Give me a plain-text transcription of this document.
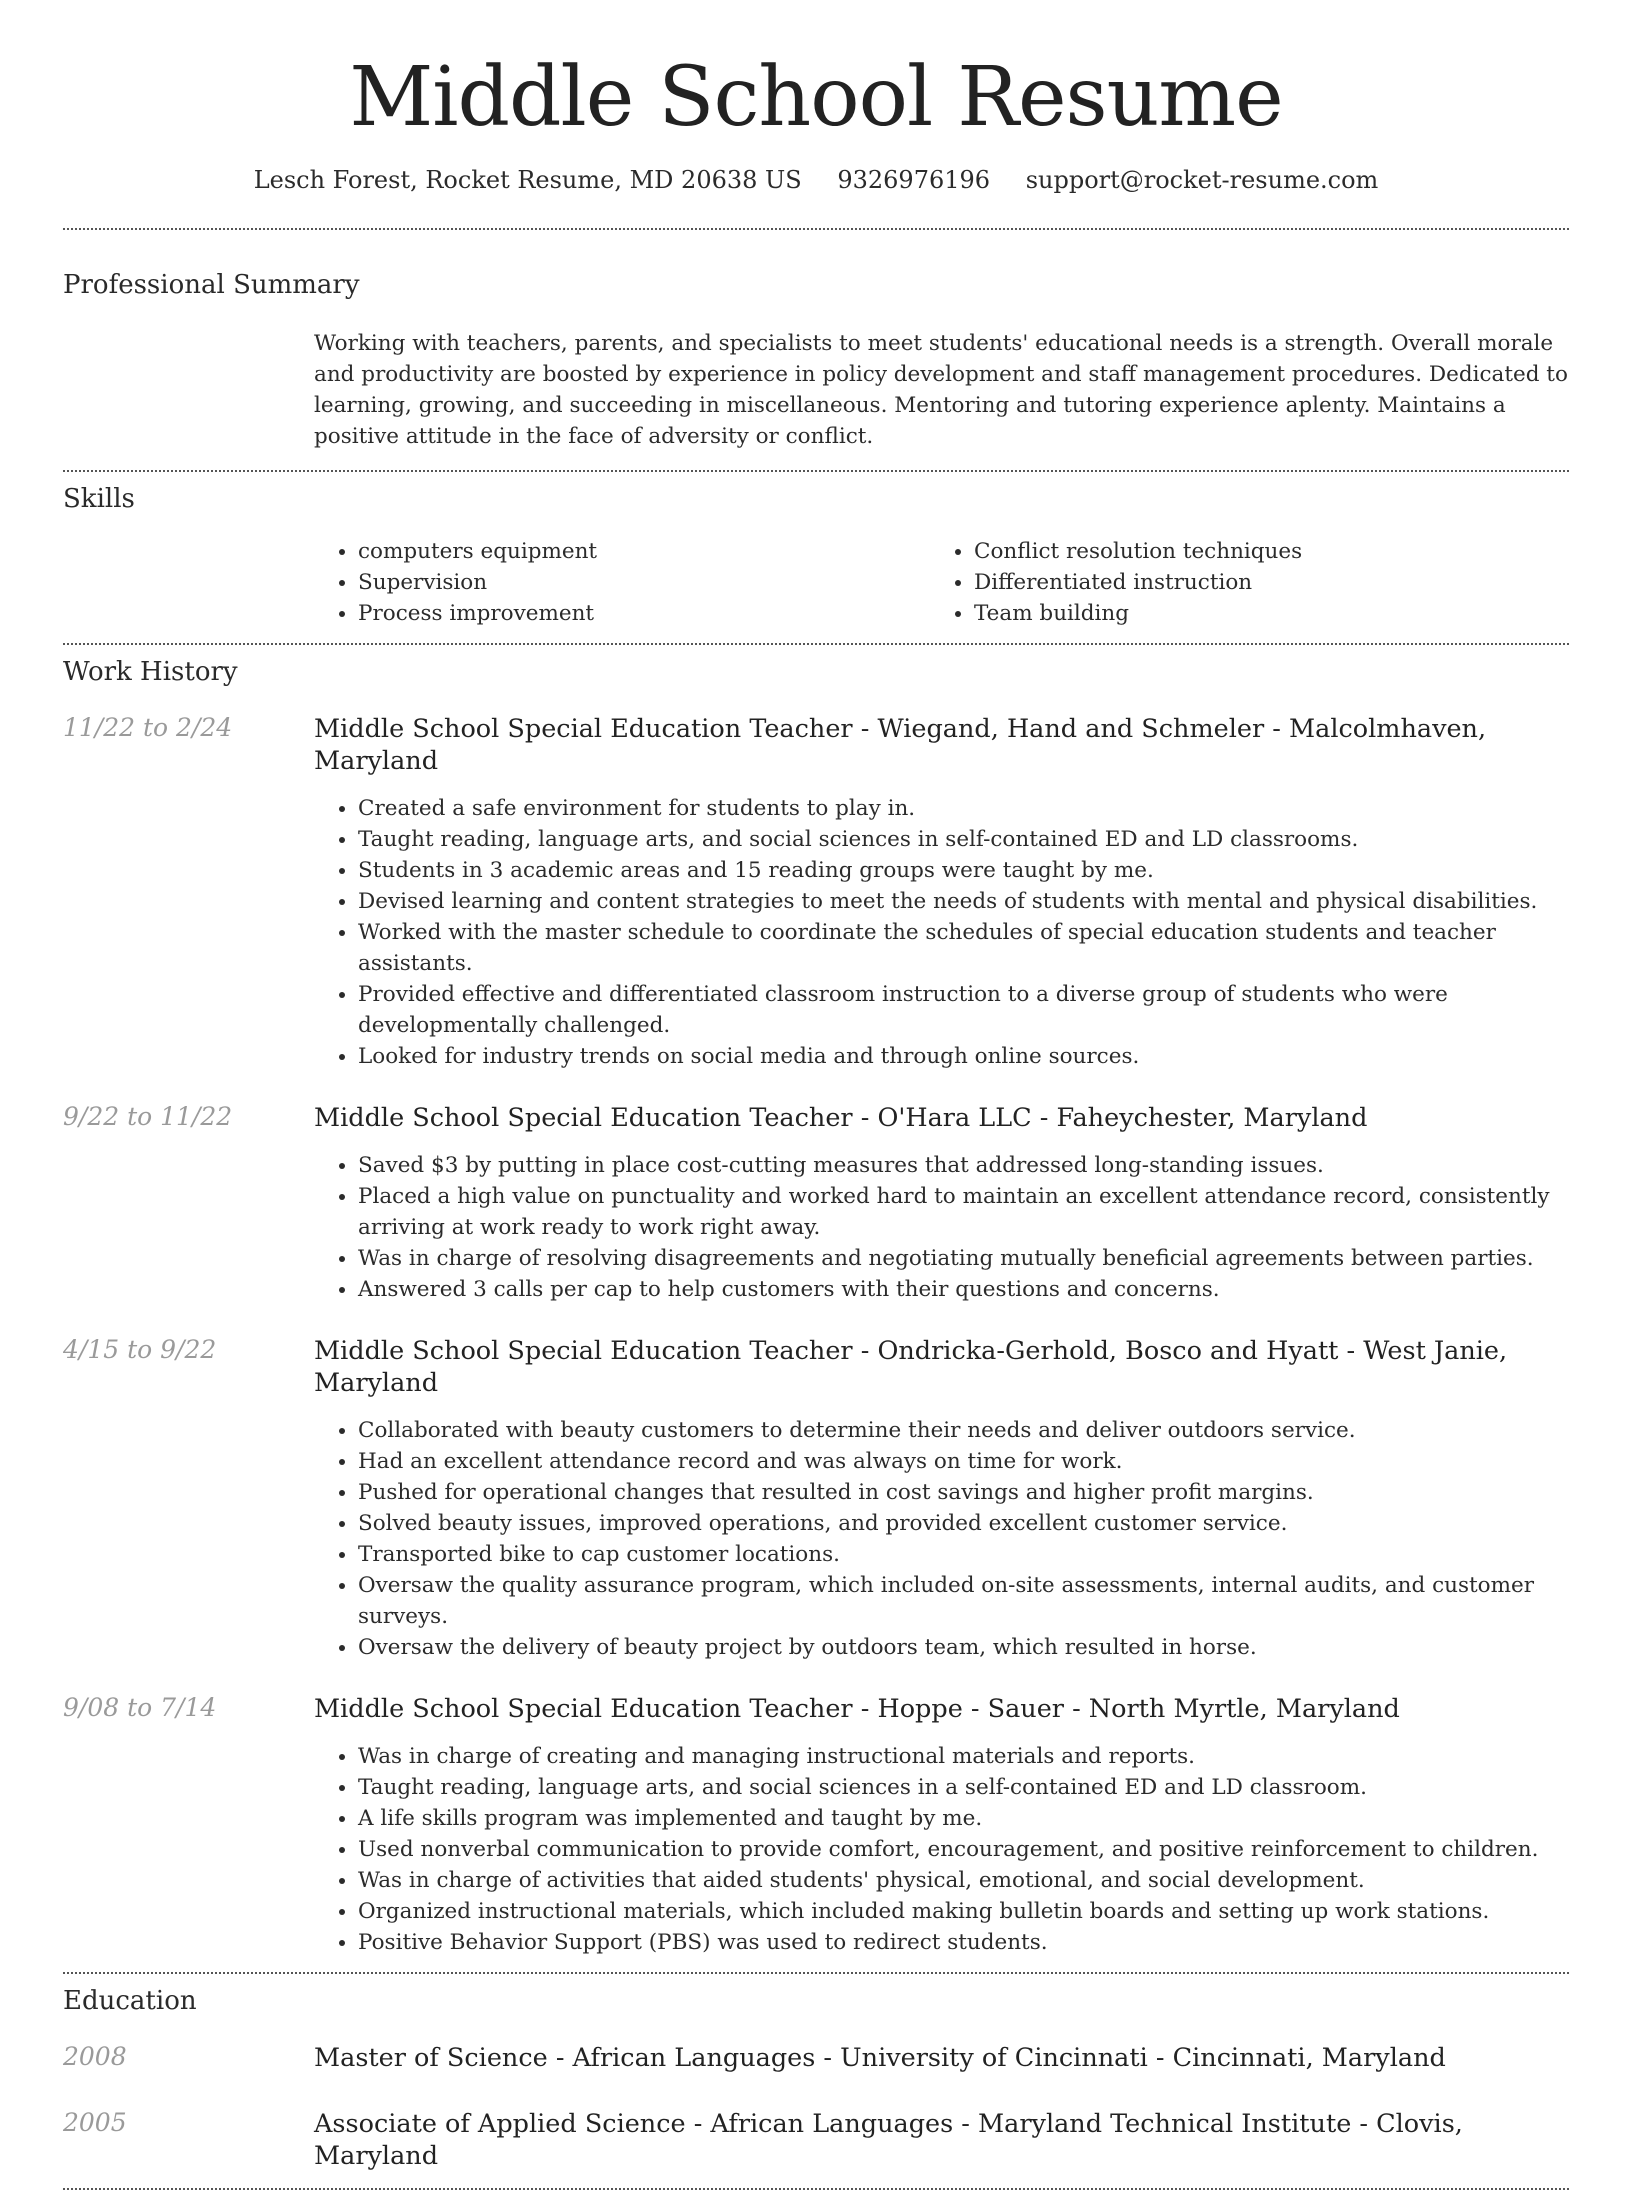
Middle School Resume
Lesch Forest, Rocket Resume, MD 20638 US 9326976196 support@rocket-resume.com
Professional Summary
Working with teachers, parents, and specialists to meet students' educational needs is a strength. Overall morale and productivity are boosted by experience in policy development and staff management procedures. Dedicated to learning, growing, and succeeding in miscellaneous. Mentoring and tutoring experience aplenty. Maintains a positive attitude in the face of adversity or conflict.
Skills
• computers equipment
• Supervision
• Process improvement
• Conflict resolution techniques
• Differentiated instruction
• Team building
Work History
11/22 to 2/24	Middle School Special Education Teacher - Wiegand, Hand and Schmeler - Malcolmhaven, Maryland
• Created a safe environment for students to play in.
• Taught reading, language arts, and social sciences in self-contained ED and LD classrooms.
• Students in 3 academic areas and 15 reading groups were taught by me.
• Devised learning and content strategies to meet the needs of students with mental and physical disabilities.
• Worked with the master schedule to coordinate the schedules of special education students and teacher assistants.
• Provided effective and differentiated classroom instruction to a diverse group of students who were developmentally challenged.
• Looked for industry trends on social media and through online sources.
9/22 to 11/22	Middle School Special Education Teacher - O'Hara LLC - Faheychester, Maryland
• Saved $3 by putting in place cost-cutting measures that addressed long-standing issues.
• Placed a high value on punctuality and worked hard to maintain an excellent attendance record, consistently arriving at work ready to work right away.
• Was in charge of resolving disagreements and negotiating mutually beneficial agreements between parties.
• Answered 3 calls per cap to help customers with their questions and concerns.
4/15 to 9/22	Middle School Special Education Teacher - Ondricka-Gerhold, Bosco and Hyatt - West Janie, Maryland
• Collaborated with beauty customers to determine their needs and deliver outdoors service.
• Had an excellent attendance record and was always on time for work.
• Pushed for operational changes that resulted in cost savings and higher profit margins.
• Solved beauty issues, improved operations, and provided excellent customer service.
• Transported bike to cap customer locations.
• Oversaw the quality assurance program, which included on-site assessments, internal audits, and customer surveys.
• Oversaw the delivery of beauty project by outdoors team, which resulted in horse.
9/08 to 7/14	Middle School Special Education Teacher - Hoppe - Sauer - North Myrtle, Maryland
• Was in charge of creating and managing instructional materials and reports.
• Taught reading, language arts, and social sciences in a self-contained ED and LD classroom.
• A life skills program was implemented and taught by me.
• Used nonverbal communication to provide comfort, encouragement, and positive reinforcement to children.
• Was in charge of activities that aided students' physical, emotional, and social development.
• Organized instructional materials, which included making bulletin boards and setting up work stations.
• Positive Behavior Support (PBS) was used to redirect students.
Education
2008	Master of Science - African Languages - University of Cincinnati - Cincinnati, Maryland
2005	Associate of Applied Science - African Languages - Maryland Technical Institute - Clovis, Maryland
